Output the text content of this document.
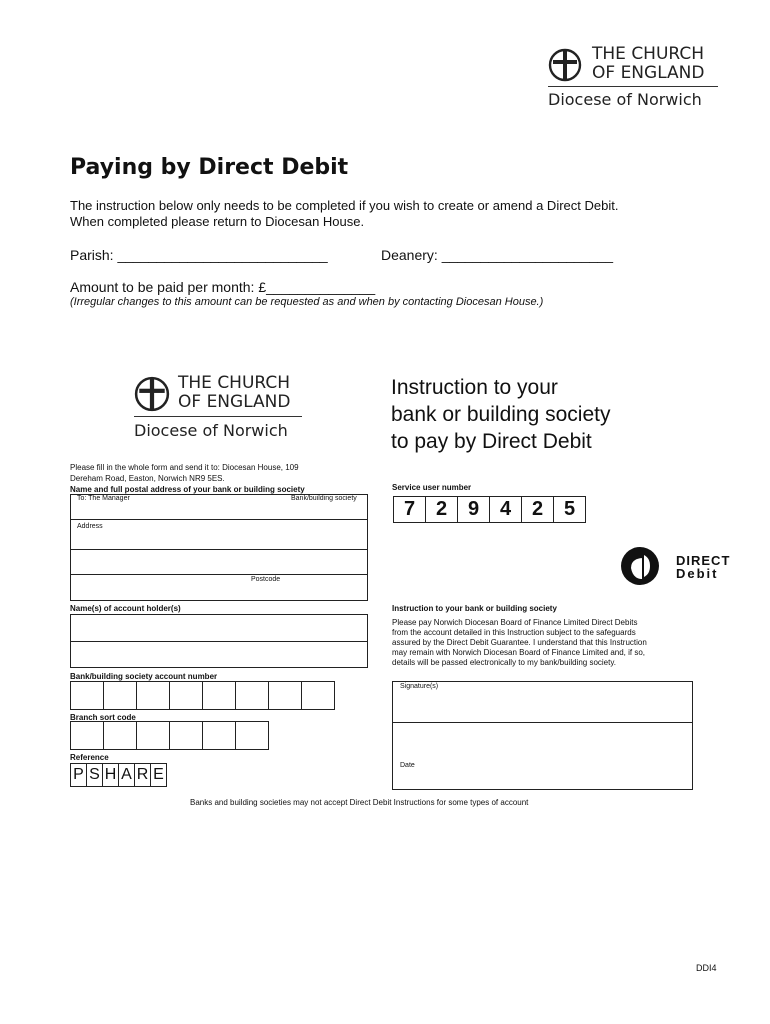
THE CHURCH
OF ENGLAND
Diocese of Norwich
Paying by Direct Debit
The instruction below only needs to be completed if you wish to create or amend a Direct Debit.
When completed please return to Diocesan House.
Parish: ___________________________	Deanery: ______________________
Amount to be paid per month: £______________
(Irregular changes to this amount can be requested as and when by contacting Diocesan House.)
THE CHURCH
OF ENGLAND
Diocese of Norwich
Instruction to your
bank or building society
to pay by Direct Debit
Please fill in the whole form and send it to: Diocesan House, 109
Dereham Road, Easton, Norwich NR9 5ES.
Name and full postal address of your bank or building society
To: The Manager	Bank/building society
Address
Postcode
Service user number
7	2	9	4	2	5
DIRECT
Debit
Name(s) of account holder(s)
Bank/building society account number
Branch sort code
Reference
P S H A R E
Instruction to your bank or building society
Please pay Norwich Diocesan Board of Finance Limited Direct Debits
from the account detailed in this Instruction subject to the safeguards
assured by the Direct Debit Guarantee. I understand that this Instruction
may remain with Norwich Diocesan Board of Finance Limited and, if so,
details will be passed electronically to my bank/building society.
Signature(s)
Date
Banks and building societies may not accept Direct Debit Instructions for some types of account
DDI4
